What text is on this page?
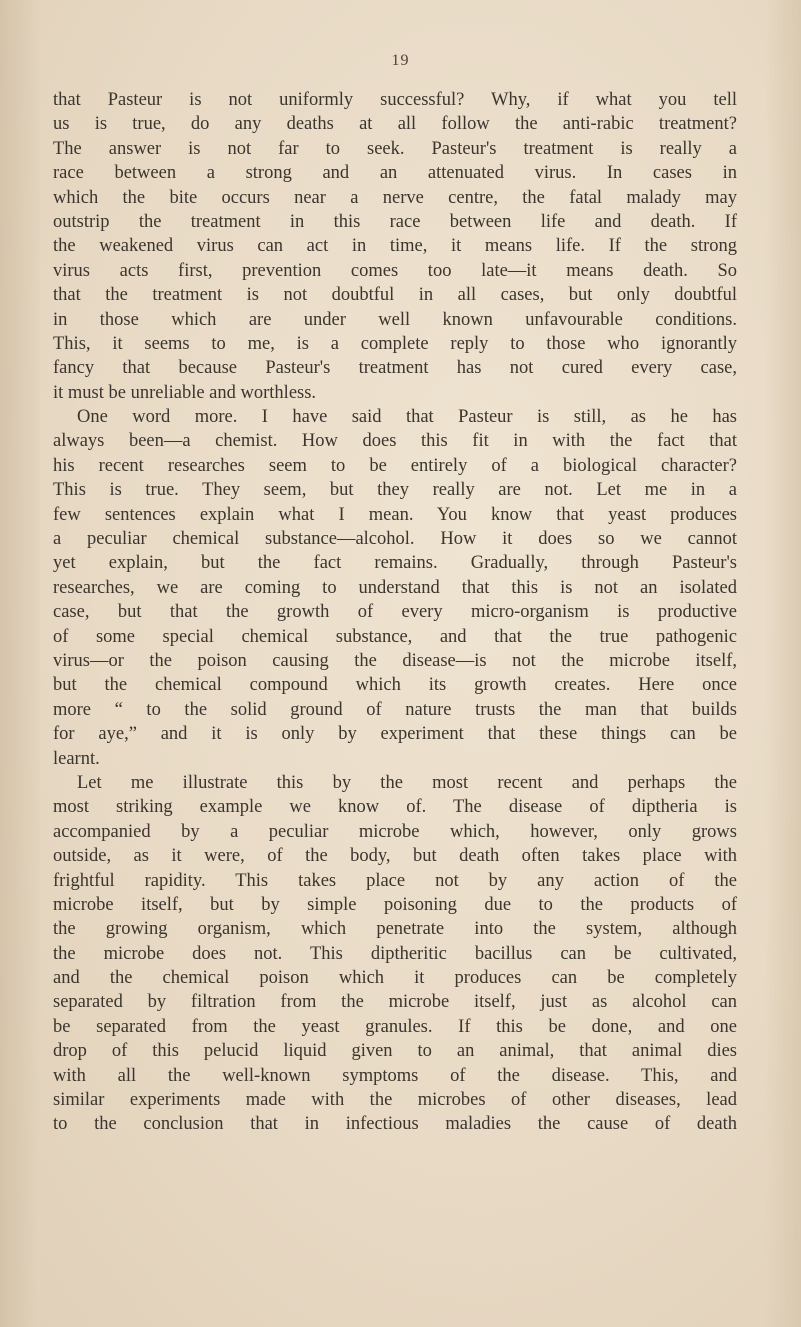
19
that Pasteur is not uniformly successful? Why, if what you tell
us is true, do any deaths at all follow the anti-rabic treatment?
The answer is not far to seek. Pasteur's treatment is really a
race between a strong and an attenuated virus. In cases in
which the bite occurs near a nerve centre, the fatal malady may
outstrip the treatment in this race between life and death. If
the weakened virus can act in time, it means life. If the strong
virus acts first, prevention comes too late—it means death. So
that the treatment is not doubtful in all cases, but only doubtful
in those which are under well known unfavourable conditions.
This, it seems to me, is a complete reply to those who ignorantly
fancy that because Pasteur's treatment has not cured every case,
it must be unreliable and worthless.
One word more. I have said that Pasteur is still, as he has
always been—a chemist. How does this fit in with the fact that
his recent researches seem to be entirely of a biological character?
This is true. They seem, but they really are not. Let me in a
few sentences explain what I mean. You know that yeast produces
a peculiar chemical substance—alcohol. How it does so we cannot
yet explain, but the fact remains. Gradually, through Pasteur's
researches, we are coming to understand that this is not an isolated
case, but that the growth of every micro-organism is productive
of some special chemical substance, and that the true pathogenic
virus—or the poison causing the disease—is not the microbe itself,
but the chemical compound which its growth creates. Here once
more “ to the solid ground of nature trusts the man that builds
for aye,” and it is only by experiment that these things can be
learnt.
Let me illustrate this by the most recent and perhaps the
most striking example we know of. The disease of diptheria is
accompanied by a peculiar microbe which, however, only grows
outside, as it were, of the body, but death often takes place with
frightful rapidity. This takes place not by any action of the
microbe itself, but by simple poisoning due to the products of
the growing organism, which penetrate into the system, although
the microbe does not. This diptheritic bacillus can be cultivated,
and the chemical poison which it produces can be completely
separated by filtration from the microbe itself, just as alcohol can
be separated from the yeast granules. If this be done, and one
drop of this pelucid liquid given to an animal, that animal dies
with all the well-known symptoms of the disease. This, and
similar experiments made with the microbes of other diseases, lead
to the conclusion that in infectious maladies the cause of death
